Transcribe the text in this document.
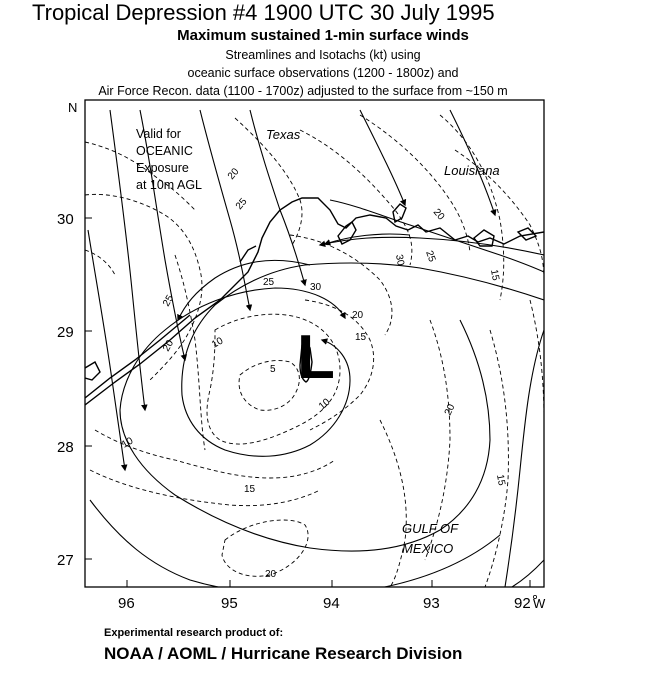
Tropical Depression #4 1900 UTC 30 July 1995
Maximum sustained 1-min surface winds
Streamlines and Isotachs (kt) using
oceanic surface observations (1200 - 1800z) and
Air Force Recon. data (1100 - 1700z) adjusted to the surface from ~150 m
20
25
20
30 25
15
25	30
20
25
20
15
10
5
10
10
20
15
15
20
Valid for
OCEANIC
Exposure
at 10m AGL
Texas
Louisiana
GULF OF
MEXICO
L
N
30
29
28
27
96	95	94	93	92 W
Experimental research product of:
NOAA / AOML / Hurricane Research Division
